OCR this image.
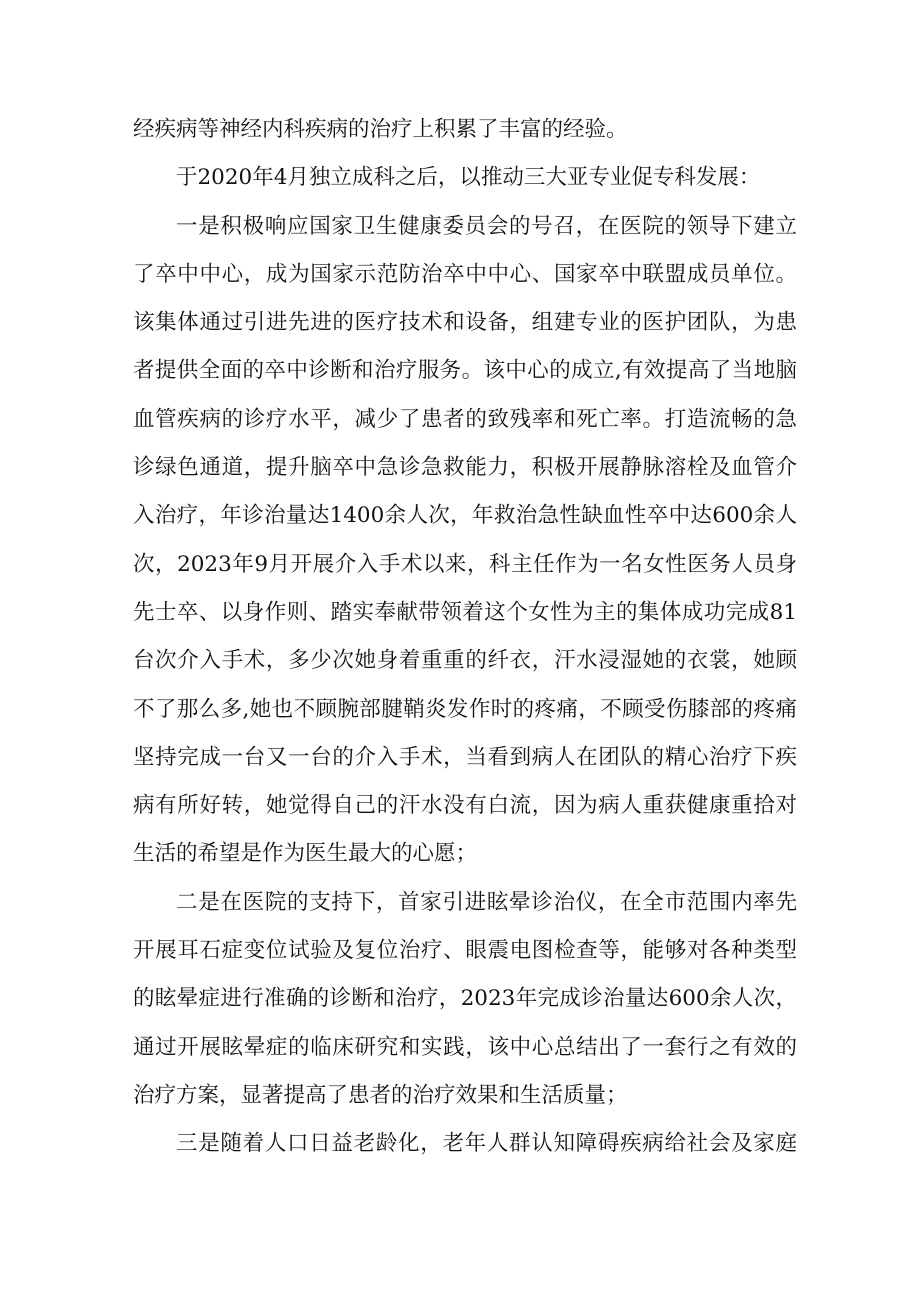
经疾病等神经内科疾病的治疗上积累了丰富的经验。
于2020年4月独立成科之后，以推动三大亚专业促专科发展：
一是积极响应国家卫生健康委员会的号召，在医院的领导下建立
了卒中中心，成为国家示范防治卒中中心、国家卒中联盟成员单位。
该集体通过引进先进的医疗技术和设备，组建专业的医护团队，为患
者提供全面的卒中诊断和治疗服务。该中心的成立,有效提高了当地脑
血管疾病的诊疗水平，减少了患者的致残率和死亡率。打造流畅的急
诊绿色通道，提升脑卒中急诊急救能力，积极开展静脉溶栓及血管介
入治疗，年诊治量达1400余人次，年救治急性缺血性卒中达600余人
次，2023年9月开展介入手术以来，科主任作为一名女性医务人员身
先士卒、以身作则、踏实奉献带领着这个女性为主的集体成功完成81
台次介入手术，多少次她身着重重的纤衣，汗水浸湿她的衣裳，她顾
不了那么多,她也不顾腕部腱鞘炎发作时的疼痛，不顾受伤膝部的疼痛
坚持完成一台又一台的介入手术，当看到病人在团队的精心治疗下疾
病有所好转，她觉得自己的汗水没有白流，因为病人重获健康重拾对
生活的希望是作为医生最大的心愿；
二是在医院的支持下，首家引进眩晕诊治仪，在全市范围内率先
开展耳石症变位试验及复位治疗、眼震电图检查等，能够对各种类型
的眩晕症进行准确的诊断和治疗，2023年完成诊治量达600余人次，
通过开展眩晕症的临床研究和实践，该中心总结出了一套行之有效的
治疗方案，显著提高了患者的治疗效果和生活质量；
三是随着人口日益老龄化，老年人群认知障碍疾病给社会及家庭
